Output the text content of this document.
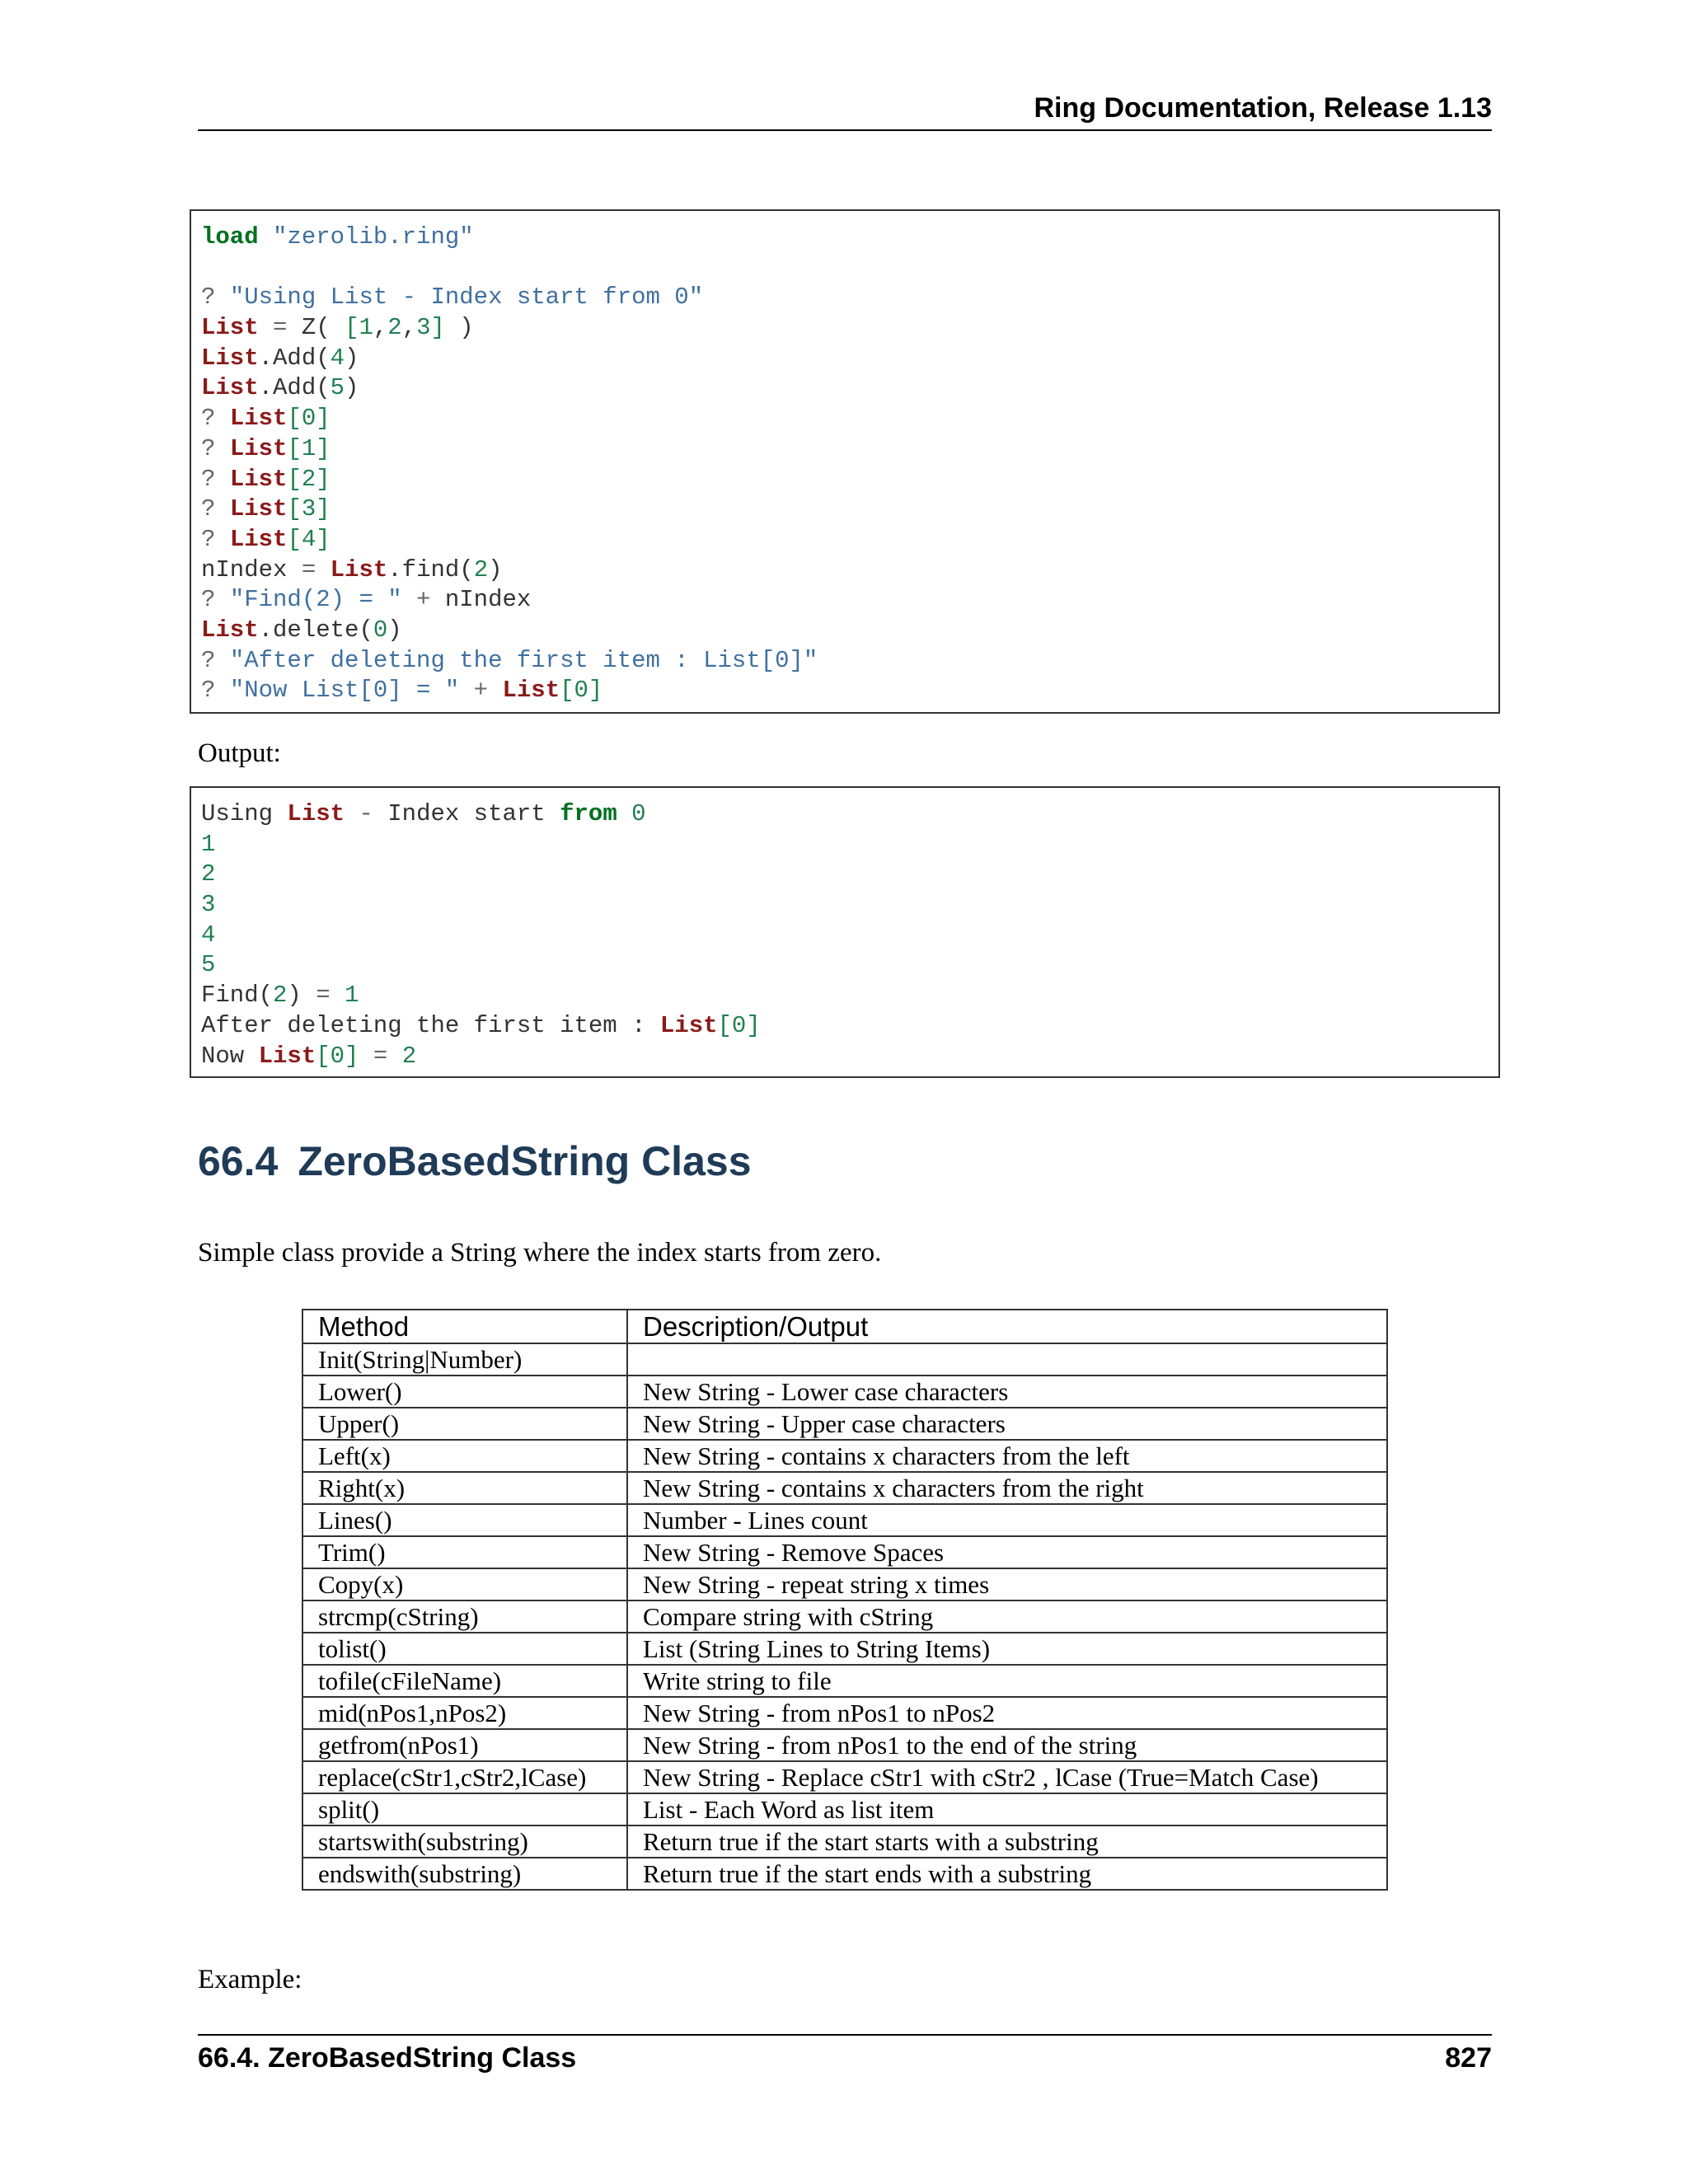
Ring Documentation, Release 1.13
load "zerolib.ring"
? "Using List - Index start from 0"
List = Z( [1,2,3] )
List.Add(4)
List.Add(5)
? List[0]
? List[1]
? List[2]
? List[3]
? List[4]
nIndex = List.find(2)
? "Find(2) = " + nIndex
List.delete(0)
? "After deleting the first item : List[0]"
? "Now List[0] = " + List[0]
Output:
Using List - Index start from 0
1
2
3
4
5
Find(2) = 1
After deleting the first item : List[0]
Now List[0] = 2
66.4 ZeroBasedString Class
Simple class provide a String where the index starts from zero.
Method	Description/Output
Init(String|Number)	
Lower()	New String - Lower case characters
Upper()	New String - Upper case characters
Left(x)	New String - contains x characters from the left
Right(x)	New String - contains x characters from the right
Lines()	Number - Lines count
Trim()	New String - Remove Spaces
Copy(x)	New String - repeat string x times
strcmp(cString)	Compare string with cString
tolist()	List (String Lines to String Items)
tofile(cFileName)	Write string to file
mid(nPos1,nPos2)	New String - from nPos1 to nPos2
getfrom(nPos1)	New String - from nPos1 to the end of the string
replace(cStr1,cStr2,lCase)	New String - Replace cStr1 with cStr2 , lCase (True=Match Case)
split()	List - Each Word as list item
startswith(substring)	Return true if the start starts with a substring
endswith(substring)	Return true if the start ends with a substring
Example:
66.4. ZeroBasedString Class	827
